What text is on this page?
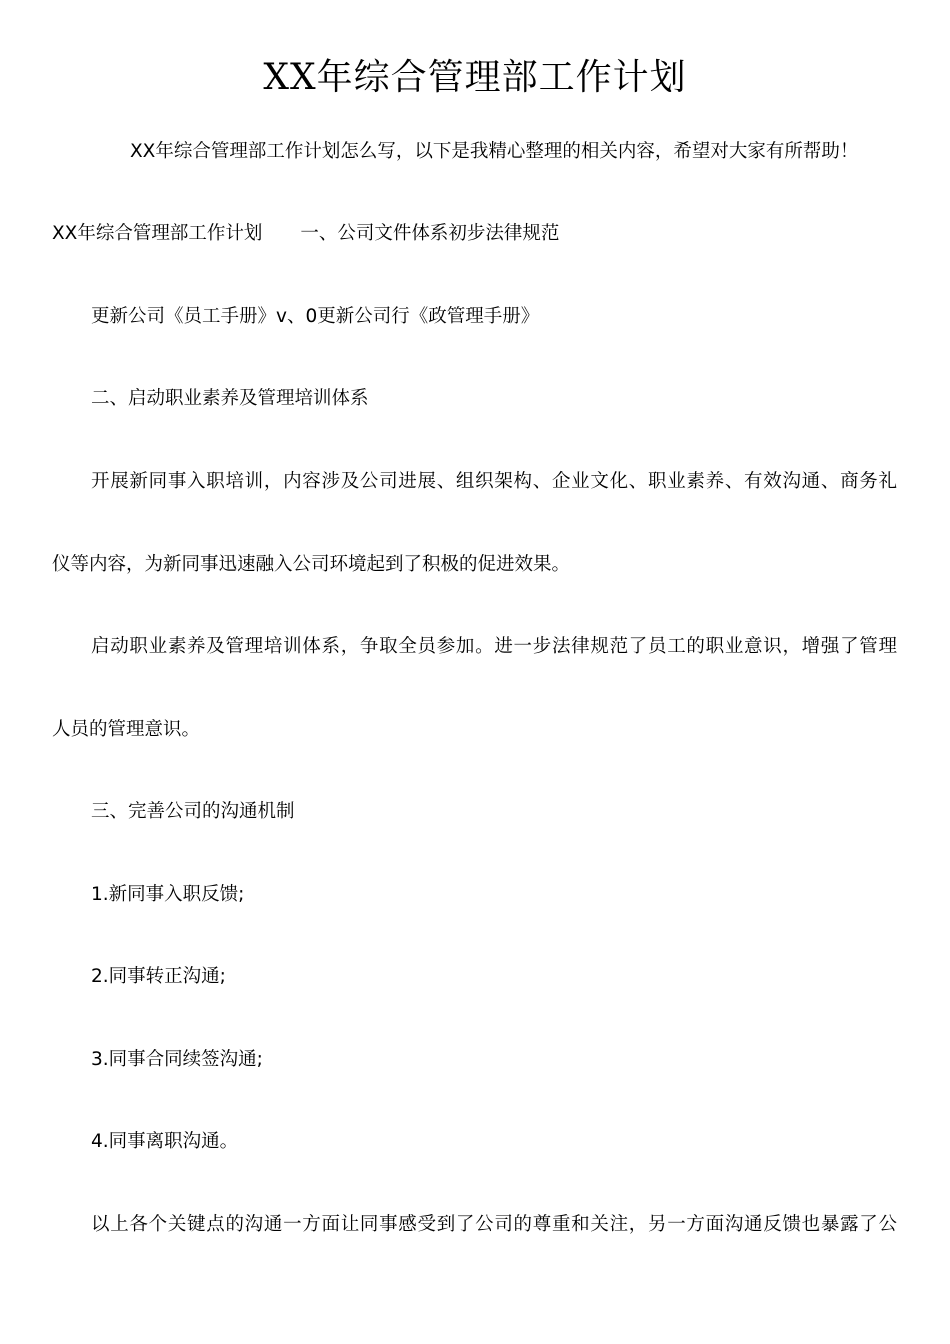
XX年综合管理部工作计划

XX年综合管理部工作计划怎么写，以下是我精心整理的相关内容，希望对大家有所帮助！

XX年综合管理部工作计划 一、公司文件体系初步法律规范

更新公司《员工手册》v、0更新公司行《政管理手册》

二、启动职业素养及管理培训体系

开展新同事入职培训，内容涉及公司进展、组织架构、企业文化、职业素养、有效沟通、商务礼

仪等内容，为新同事迅速融入公司环境起到了积极的促进效果。

启动职业素养及管理培训体系，争取全员参加。进一步法律规范了员工的职业意识，增强了管理

人员的管理意识。

三、完善公司的沟通机制

1.新同事入职反馈;

2.同事转正沟通;

3.同事合同续签沟通;

4.同事离职沟通。

以上各个关键点的沟通一方面让同事感受到了公司的尊重和关注，另一方面沟通反馈也暴露了公
